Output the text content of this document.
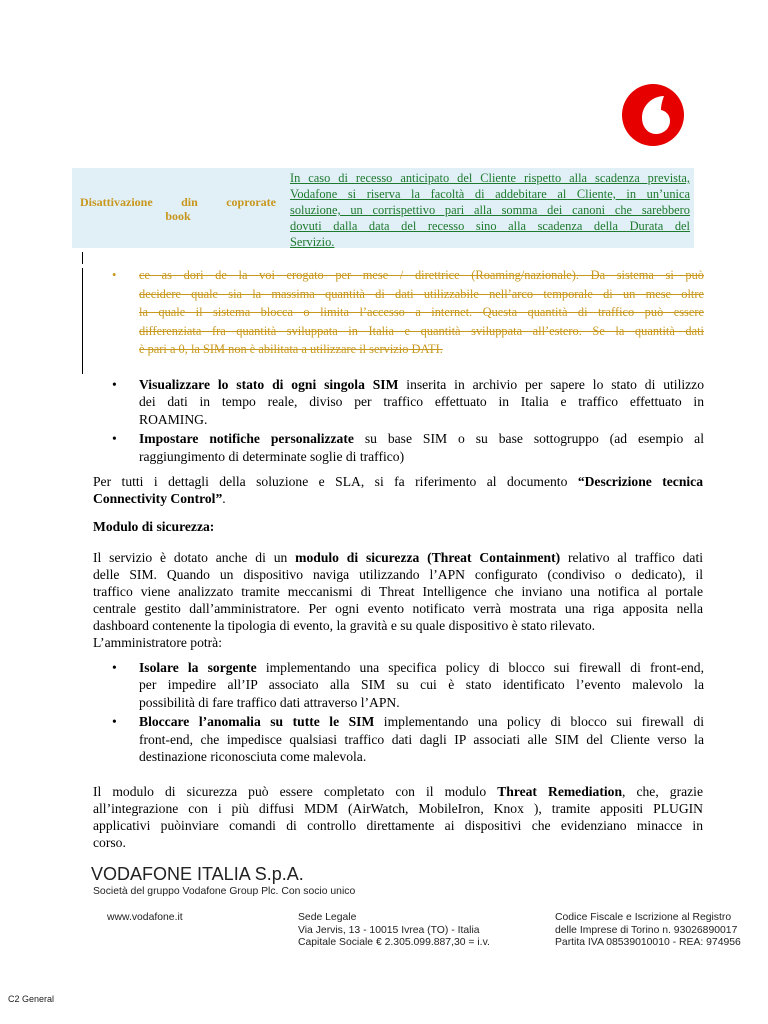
Disattivazione din coprorate
book
In caso di recesso anticipato del Cliente rispetto alla scadenza prevista,
Vodafone si riserva la facoltà di addebitare al Cliente, in un’unica
soluzione, un corrispettivo pari alla somma dei canoni che sarebbero
dovuti dalla data del recesso sino alla scadenza della Durata del
Servizio.
• ce as dori de la voi erogato per mese / direttrice (Roaming/nazionale). Da sistema si può
decidere quale sia la massima quantità di dati utilizzabile nell’arco temporale di un mese oltre
la quale il sistema blocca o limita l’accesso a internet. Questa quantità di traffico può essere
differenziata fra quantità sviluppata in Italia e quantità sviluppata all’estero. Se la quantità dati
è pari a 0, la SIM non è abilitata a utilizzare il servizio DATI.
• Visualizzare lo stato di ogni singola SIM inserita in archivio per sapere lo stato di utilizzo
dei dati in tempo reale, diviso per traffico effettuato in Italia e traffico effettuato in
ROAMING.
• Impostare notifiche personalizzate su base SIM o su base sottogruppo (ad esempio al
raggiungimento di determinate soglie di traffico)
Per tutti i dettagli della soluzione e SLA, si fa riferimento al documento “Descrizione tecnica
Connectivity Control”.
Modulo di sicurezza:
Il servizio è dotato anche di un modulo di sicurezza (Threat Containment) relativo al traffico dati
delle SIM. Quando un dispositivo naviga utilizzando l’APN configurato (condiviso o dedicato), il
traffico viene analizzato tramite meccanismi di Threat Intelligence che inviano una notifica al portale
centrale gestito dall’amministratore. Per ogni evento notificato verrà mostrata una riga apposita nella
dashboard contenente la tipologia di evento, la gravità e su quale dispositivo è stato rilevato.
L’amministratore potrà:
• Isolare la sorgente implementando una specifica policy di blocco sui firewall di front-end,
per impedire all’IP associato alla SIM su cui è stato identificato l’evento malevolo la
possibilità di fare traffico dati attraverso l’APN.
• Bloccare l’anomalia su tutte le SIM implementando una policy di blocco sui firewall di
front-end, che impedisce qualsiasi traffico dati dagli IP associati alle SIM del Cliente verso la
destinazione riconosciuta come malevola.
Il modulo di sicurezza può essere completato con il modulo Threat Remediation, che, grazie
all’integrazione con i più diffusi MDM (AirWatch, MobileIron, Knox ), tramite appositi PLUGIN
applicativi puòinviare comandi di controllo direttamente ai dispositivi che evidenziano minacce in
corso.
VODAFONE ITALIA S.p.A.
Società del gruppo Vodafone Group Plc. Con socio unico
www.vodafone.it	Sede Legale
Via Jervis, 13 - 10015 Ivrea (TO) - Italia
Capitale Sociale € 2.305.099.887,30 = i.v.
Codice Fiscale e Iscrizione al Registro
delle Imprese di Torino n. 93026890017
Partita IVA 08539010010 - REA: 974956
C2 General
